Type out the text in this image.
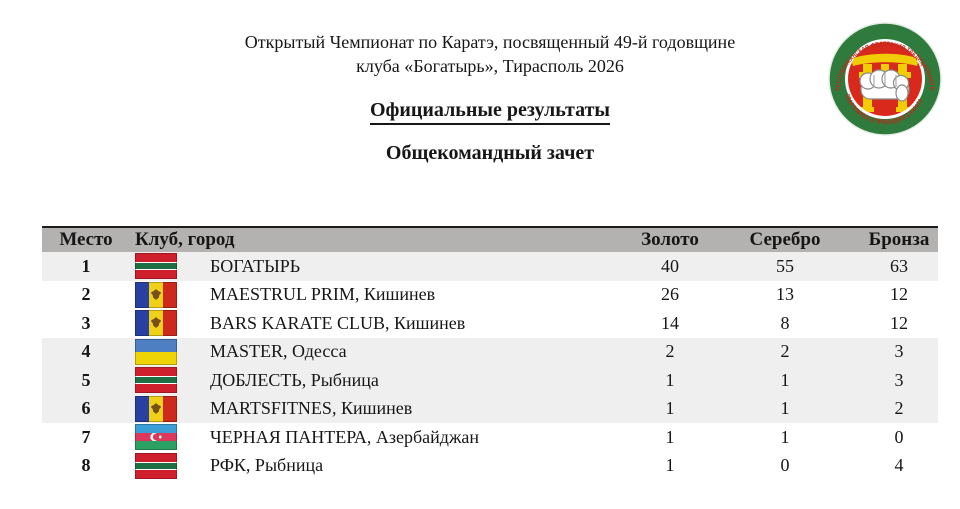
Открытый Чемпионат по Каратэ, посвященный 49-й годовщине
клуба «Богатырь», Тирасполь 2026
Официальные результаты
Общекомандный зачет
РЕСПУБЛИКАНСКАЯ ФЕДЕРАЦИЯ ТРАДИЦИОННОГО
СПОРТИВНОГО И ПРИКЛАДНОГО КАРАТЭ
Место	Клуб, город	Золото	Серебро	Бронза
1	БОГАТЫРЬ	40	55	63
2	MAESTRUL PRIM, Кишинев	26	13	12
3	BARS KARATE CLUB, Кишинев	14	8	12
4	MASTER, Одесса	2	2	3
5	ДОБЛЕСТЬ, Рыбница	1	1	3
6	MARTSFITNES, Кишинев	1	1	2
7	ЧЕРНАЯ ПАНТЕРА, Азербайджан	1	1	0
8	РФК, Рыбница	1	0	4
